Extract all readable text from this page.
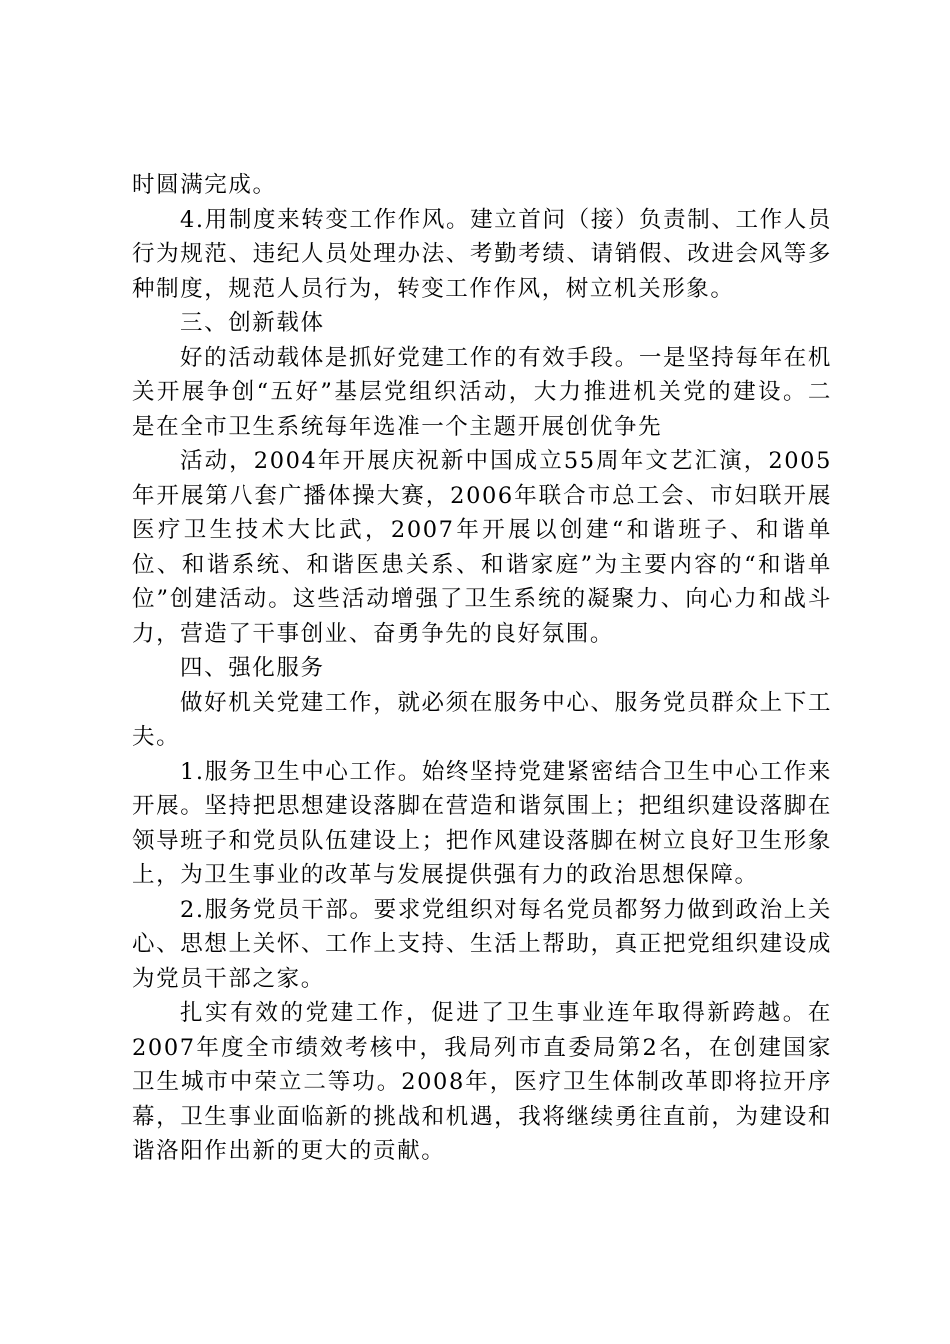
时圆满完成。

4.用制度来转变工作作风。建立首问（接）负责制、工作人员行为规范、违纪人员处理办法、考勤考绩、请销假、改进会风等多种制度，规范人员行为，转变工作作风，树立机关形象。

三、创新载体

好的活动载体是抓好党建工作的有效手段。一是坚持每年在机关开展争创“五好”基层党组织活动，大力推进机关党的建设。二是在全市卫生系统每年选准一个主题开展创优争先

活动，2004年开展庆祝新中国成立55周年文艺汇演，2005年开展第八套广播体操大赛，2006年联合市总工会、市妇联开展医疗卫生技术大比武，2007年开展以创建“和谐班子、和谐单位、和谐系统、和谐医患关系、和谐家庭”为主要内容的“和谐单位”创建活动。这些活动增强了卫生系统的凝聚力、向心力和战斗力，营造了干事创业、奋勇争先的良好氛围。

四、强化服务

做好机关党建工作，就必须在服务中心、服务党员群众上下工夫。

1.服务卫生中心工作。始终坚持党建紧密结合卫生中心工作来开展。坚持把思想建设落脚在营造和谐氛围上；把组织建设落脚在领导班子和党员队伍建设上；把作风建设落脚在树立良好卫生形象上，为卫生事业的改革与发展提供强有力的政治思想保障。

2.服务党员干部。要求党组织对每名党员都努力做到政治上关心、思想上关怀、工作上支持、生活上帮助，真正把党组织建设成为党员干部之家。

扎实有效的党建工作，促进了卫生事业连年取得新跨越。在2007年度全市绩效考核中，我局列市直委局第2名，在创建国家卫生城市中荣立二等功。2008年，医疗卫生体制改革即将拉开序幕，卫生事业面临新的挑战和机遇，我将继续勇往直前，为建设和谐洛阳作出新的更大的贡献。
